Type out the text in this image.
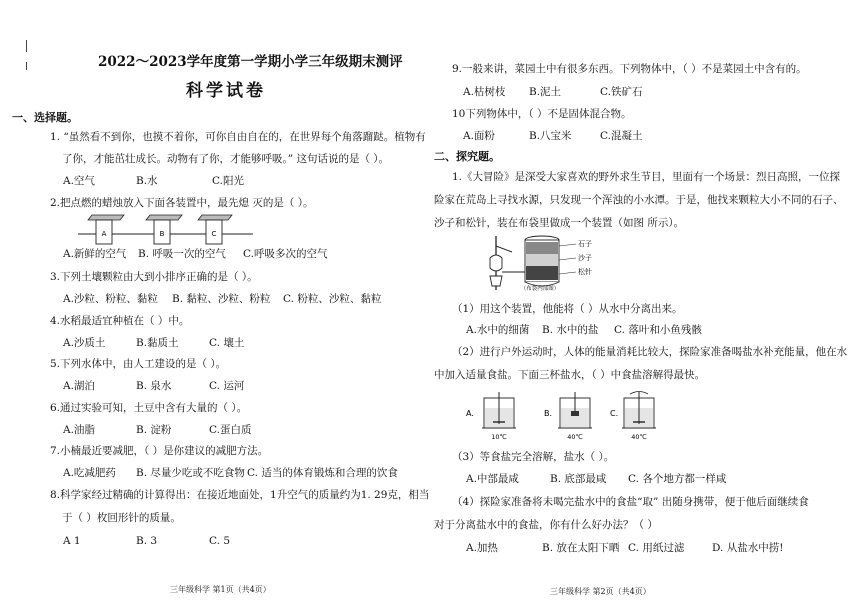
2022～2023学年度第一学期小学三年级期末测评
科学试卷
一、选择题。
1. “虽然看不到你，也摸不着你，可你自由自在的，在世界每个角落蹓跶。植物有
了你，才能茁壮成长。动物有了你，才能够呼吸。” 这句话说的是（ ）。
A.空气	B.水	C.阳光
2.把点燃的蜡烛放入下面各装置中，最先熄 灭的是（ ）。
A	B	C
A.新鲜的空气 B. 呼吸一次的空气 C.呼吸多次的空气
3.下列土壤颗粒由大到小排序正确的是（ ）。
A.沙粒、粉粒、黏粒 B. 黏粒、沙粒、粉粒 C. 粉粒、沙粒、黏粒
4.水稻最适宜种植在（ ）中。
A.沙质土	B.黏质土	C. 壤土
5.下列水体中，由人工建设的是（ ）。
A.湖泊	B. 泉水	C. 运河
6.通过实验可知，土豆中含有大量的（ ）。
A.油脂	B. 淀粉	C.蛋白质
7.小楠最近要减肥，（ ）是你建议的减肥方法。
A.吃减肥药 B. 尽量少吃或不吃食物 C. 适当的体育锻炼和合理的饮食
8.科学家经过精确的计算得出：在接近地面处，1升空气的质量约为1. 29克，相当
于（ ）枚回形针的质量。
A 1	B. 3	C. 5
三年级科学 第1页（共4页）
9.一般来讲，菜园土中有很多东西。下列物体中，（ ）不是菜园土中含有的。
A.枯树枝 B.泥土	C.铁矿石
10下列物体中，（ ）不是固体混合物。
A.面粉	B.八宝米	C.混凝土
二、探究题。
1.《大冒险》是深受大家喜欢的野外求生节目，里面有一个场景：烈日高照，一位探
险家在荒岛上寻找水源，只发现一个浑浊的小水潭。于是，他找来颗粒大小不同的石子、
沙子和松针，装在布袋里做成一个装置（如图 所示）。
石子
沙子
松针
（布袋内部图）
（1）用这个装置，他能将（ ）从水中分离出来。
A.水中的细菌 B. 水中的盐 C. 落叶和小鱼残骸
（2）进行户外运动时，人体的能量消耗比较大，探险家准备喝盐水补充能量，他在水
中加入适量食盐。下面三杯盐水，（ ）中食盐溶解得最快。
A.
10℃
B.
40℃
C.
40℃
（3）等食盐完全溶解，盐水（ ）。
A.中部最咸	B. 底部最咸 C. 各个地方都一样咸
（4）探险家准备将未喝完盐水中的食盐“取” 出随身携带，便于他后面继续食
对于分离盐水中的食盐，你有什么好办法？（ ）
A.加热	B. 放在太阳下晒 C. 用纸过滤	D. 从盐水中捞!
三年级科学 第2页（共4页）
